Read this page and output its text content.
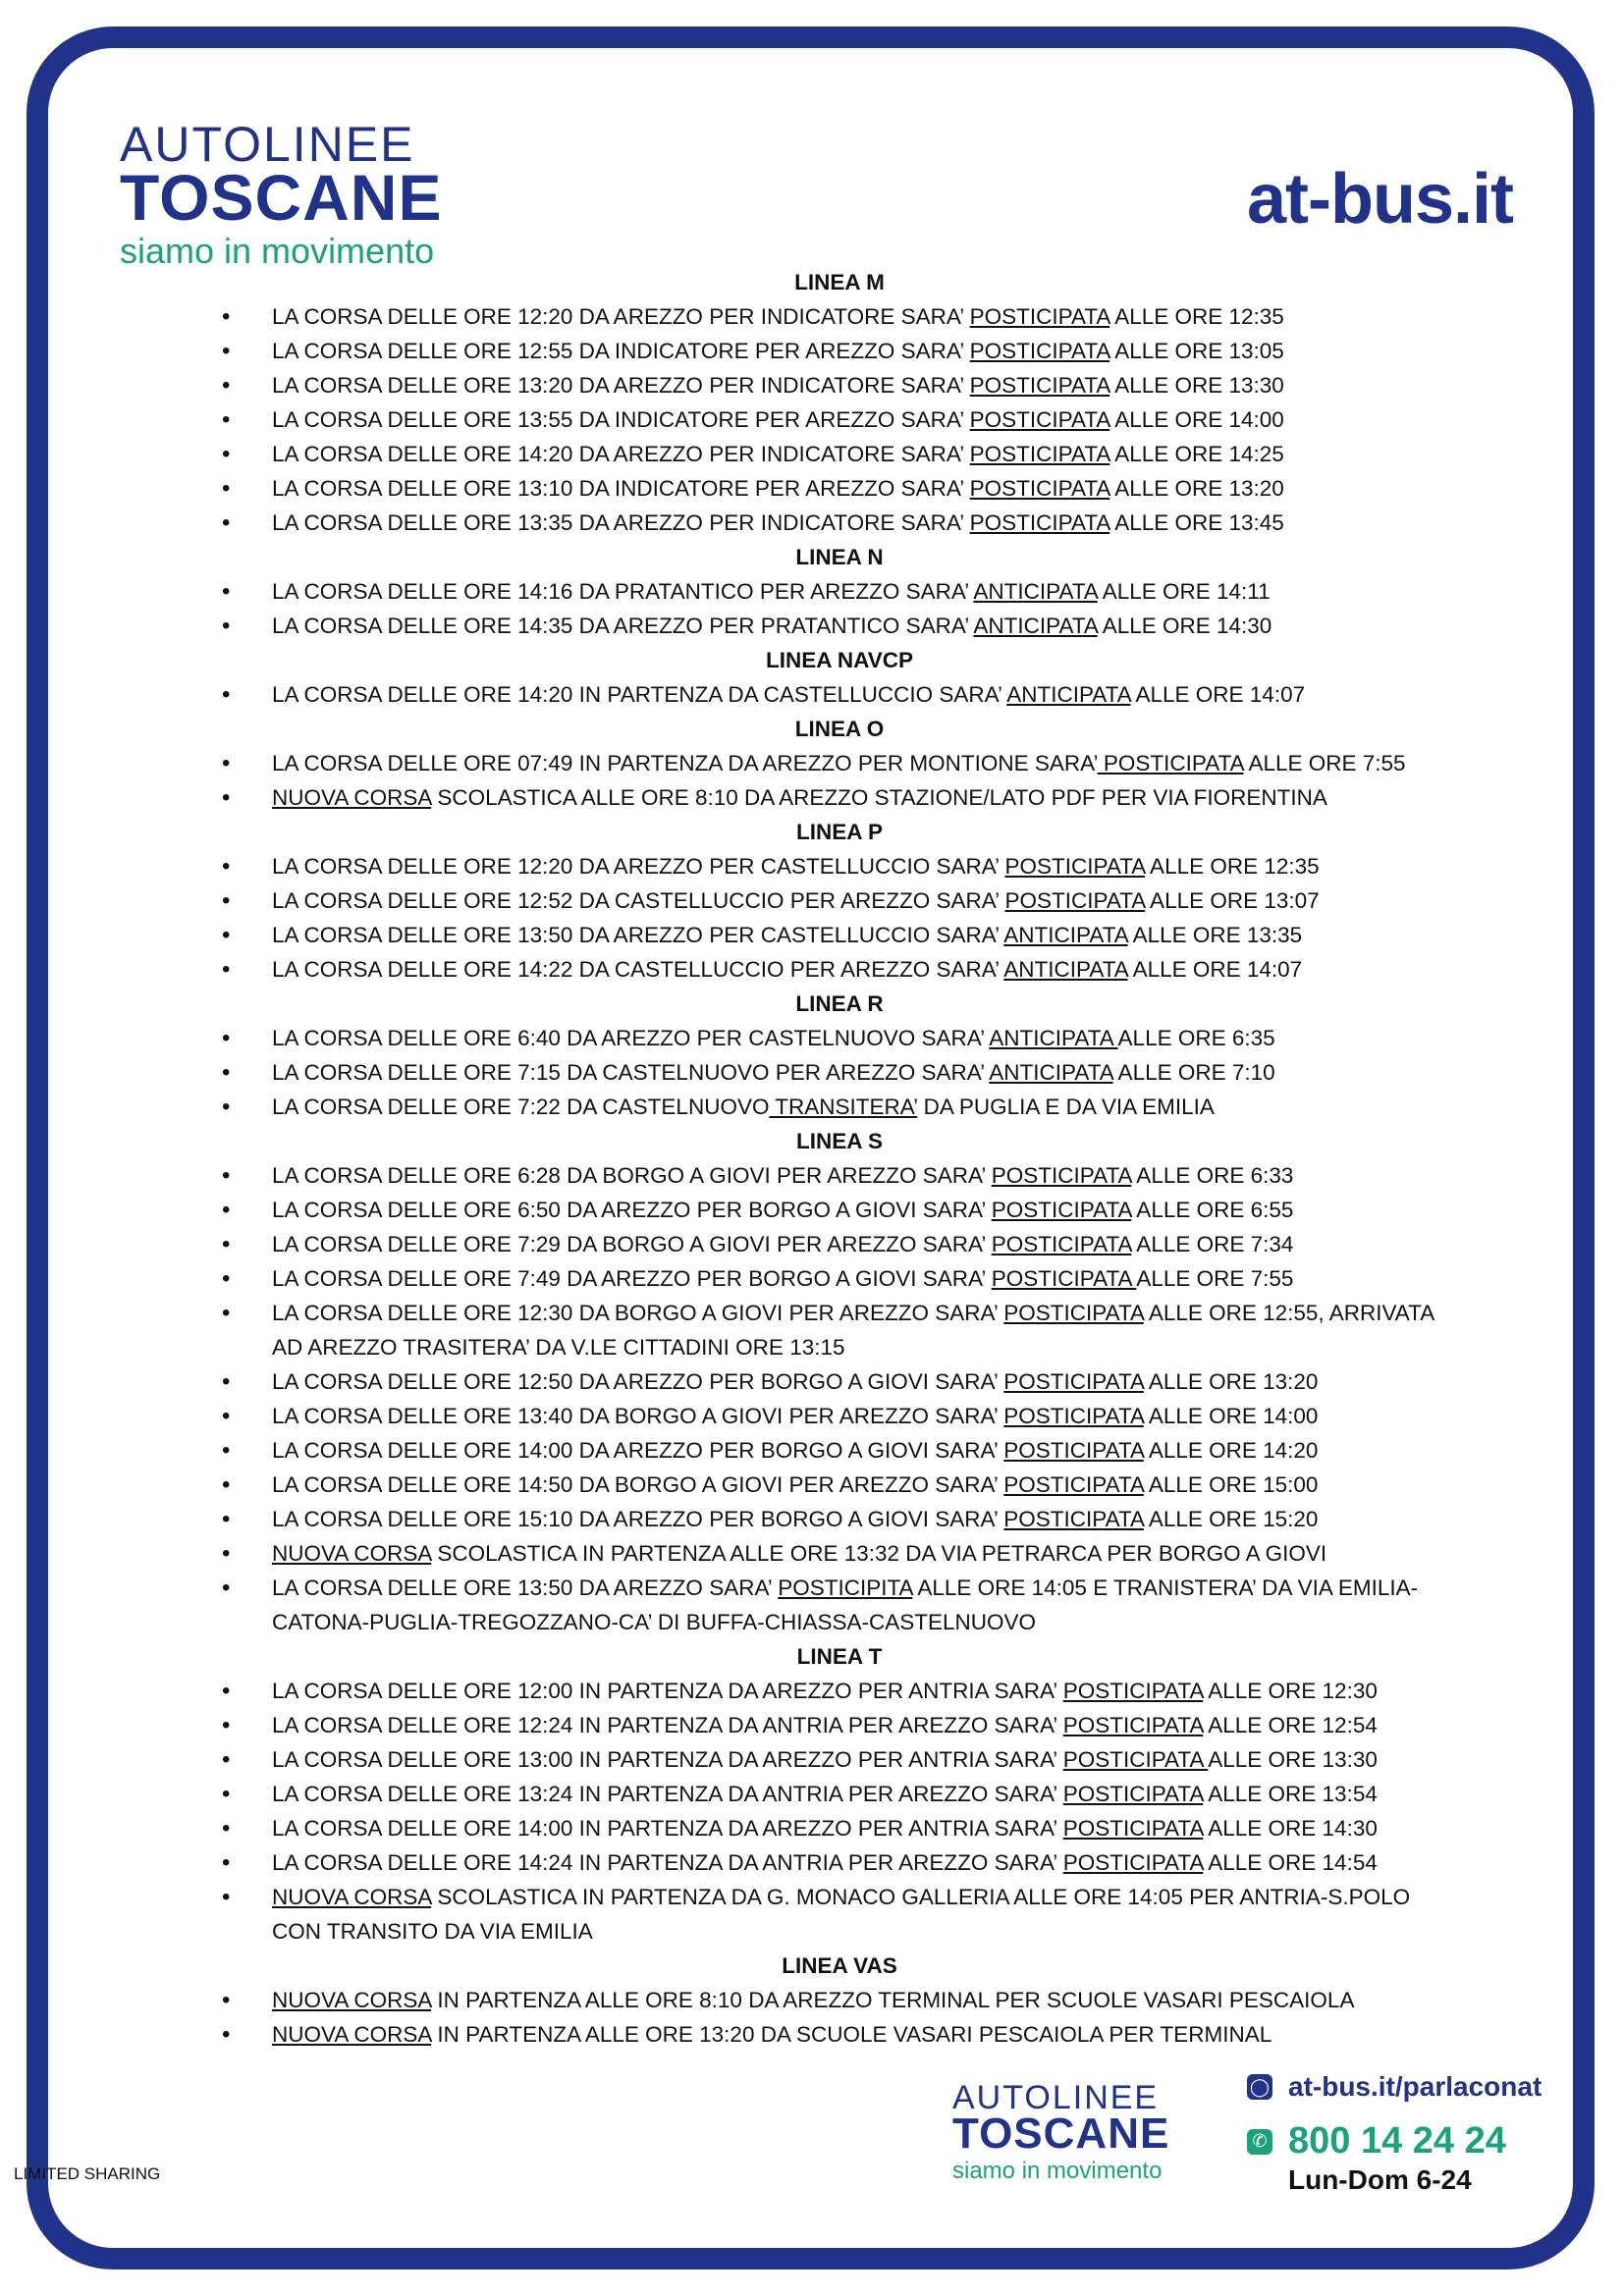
AUTOLINEE
TOSCANE
siamo in movimento
at-bus.it
LINEA M
• LA CORSA DELLE ORE 12:20 DA AREZZO PER INDICATORE SARA’ POSTICIPATA ALLE ORE 12:35
• LA CORSA DELLE ORE 12:55 DA INDICATORE PER AREZZO SARA’ POSTICIPATA ALLE ORE 13:05
• LA CORSA DELLE ORE 13:20 DA AREZZO PER INDICATORE SARA’ POSTICIPATA ALLE ORE 13:30
• LA CORSA DELLE ORE 13:55 DA INDICATORE PER AREZZO SARA’ POSTICIPATA ALLE ORE 14:00
• LA CORSA DELLE ORE 14:20 DA AREZZO PER INDICATORE SARA’ POSTICIPATA ALLE ORE 14:25
• LA CORSA DELLE ORE 13:10 DA INDICATORE PER AREZZO SARA’ POSTICIPATA ALLE ORE 13:20
• LA CORSA DELLE ORE 13:35 DA AREZZO PER INDICATORE SARA’ POSTICIPATA ALLE ORE 13:45
LINEA N
• LA CORSA DELLE ORE 14:16 DA PRATANTICO PER AREZZO SARA’ ANTICIPATA ALLE ORE 14:11
• LA CORSA DELLE ORE 14:35 DA AREZZO PER PRATANTICO SARA’ ANTICIPATA ALLE ORE 14:30
LINEA NAVCP
• LA CORSA DELLE ORE 14:20 IN PARTENZA DA CASTELLUCCIO SARA’ ANTICIPATA ALLE ORE 14:07
LINEA O
• LA CORSA DELLE ORE 07:49 IN PARTENZA DA AREZZO PER MONTIONE SARA’ POSTICIPATA ALLE ORE 7:55
• NUOVA CORSA SCOLASTICA ALLE ORE 8:10 DA AREZZO STAZIONE/LATO PDF PER VIA FIORENTINA
LINEA P
• LA CORSA DELLE ORE 12:20 DA AREZZO PER CASTELLUCCIO SARA’ POSTICIPATA ALLE ORE 12:35
• LA CORSA DELLE ORE 12:52 DA CASTELLUCCIO PER AREZZO SARA’ POSTICIPATA ALLE ORE 13:07
• LA CORSA DELLE ORE 13:50 DA AREZZO PER CASTELLUCCIO SARA’ ANTICIPATA ALLE ORE 13:35
• LA CORSA DELLE ORE 14:22 DA CASTELLUCCIO PER AREZZO SARA’ ANTICIPATA ALLE ORE 14:07
LINEA R
• LA CORSA DELLE ORE 6:40 DA AREZZO PER CASTELNUOVO SARA’ ANTICIPATA ALLE ORE 6:35
• LA CORSA DELLE ORE 7:15 DA CASTELNUOVO PER AREZZO SARA’ ANTICIPATA ALLE ORE 7:10
• LA CORSA DELLE ORE 7:22 DA CASTELNUOVO TRANSITERA’ DA PUGLIA E DA VIA EMILIA
LINEA S
• LA CORSA DELLE ORE 6:28 DA BORGO A GIOVI PER AREZZO SARA’ POSTICIPATA ALLE ORE 6:33
• LA CORSA DELLE ORE 6:50 DA AREZZO PER BORGO A GIOVI SARA’ POSTICIPATA ALLE ORE 6:55
• LA CORSA DELLE ORE 7:29 DA BORGO A GIOVI PER AREZZO SARA’ POSTICIPATA ALLE ORE 7:34
• LA CORSA DELLE ORE 7:49 DA AREZZO PER BORGO A GIOVI SARA’ POSTICIPATA ALLE ORE 7:55
• LA CORSA DELLE ORE 12:30 DA BORGO A GIOVI PER AREZZO SARA’ POSTICIPATA ALLE ORE 12:55, ARRIVATA AD AREZZO TRASITERA’ DA V.LE CITTADINI ORE 13:15
• LA CORSA DELLE ORE 12:50 DA AREZZO PER BORGO A GIOVI SARA’ POSTICIPATA ALLE ORE 13:20
• LA CORSA DELLE ORE 13:40 DA BORGO A GIOVI PER AREZZO SARA’ POSTICIPATA ALLE ORE 14:00
• LA CORSA DELLE ORE 14:00 DA AREZZO PER BORGO A GIOVI SARA’ POSTICIPATA ALLE ORE 14:20
• LA CORSA DELLE ORE 14:50 DA BORGO A GIOVI PER AREZZO SARA’ POSTICIPATA ALLE ORE 15:00
• LA CORSA DELLE ORE 15:10 DA AREZZO PER BORGO A GIOVI SARA’ POSTICIPATA ALLE ORE 15:20
• NUOVA CORSA SCOLASTICA IN PARTENZA ALLE ORE 13:32 DA VIA PETRARCA PER BORGO A GIOVI
• LA CORSA DELLE ORE 13:50 DA AREZZO SARA’ POSTICIPITA ALLE ORE 14:05 E TRANISTERA’ DA VIA EMILIA-CATONA-PUGLIA-TREGOZZANO-CA’ DI BUFFA-CHIASSA-CASTELNUOVO
LINEA T
• LA CORSA DELLE ORE 12:00 IN PARTENZA DA AREZZO PER ANTRIA SARA’ POSTICIPATA ALLE ORE 12:30
• LA CORSA DELLE ORE 12:24 IN PARTENZA DA ANTRIA PER AREZZO SARA’ POSTICIPATA ALLE ORE 12:54
• LA CORSA DELLE ORE 13:00 IN PARTENZA DA AREZZO PER ANTRIA SARA’ POSTICIPATA ALLE ORE 13:30
• LA CORSA DELLE ORE 13:24 IN PARTENZA DA ANTRIA PER AREZZO SARA’ POSTICIPATA ALLE ORE 13:54
• LA CORSA DELLE ORE 14:00 IN PARTENZA DA AREZZO PER ANTRIA SARA’ POSTICIPATA ALLE ORE 14:30
• LA CORSA DELLE ORE 14:24 IN PARTENZA DA ANTRIA PER AREZZO SARA’ POSTICIPATA ALLE ORE 14:54
• NUOVA CORSA SCOLASTICA IN PARTENZA DA G. MONACO GALLERIA ALLE ORE 14:05 PER ANTRIA-S.POLO CON TRANSITO DA VIA EMILIA
LINEA VAS
• NUOVA CORSA IN PARTENZA ALLE ORE 8:10 DA AREZZO TERMINAL PER SCUOLE VASARI PESCAIOLA
• NUOVA CORSA IN PARTENZA ALLE ORE 13:20 DA SCUOLE VASARI PESCAIOLA PER TERMINAL
AUTOLINEE
TOSCANE
siamo in movimento
◯ at-bus.it/parlaconat
✆ 800 14 24 24
Lun-Dom 6-24
LIMITED SHARING
